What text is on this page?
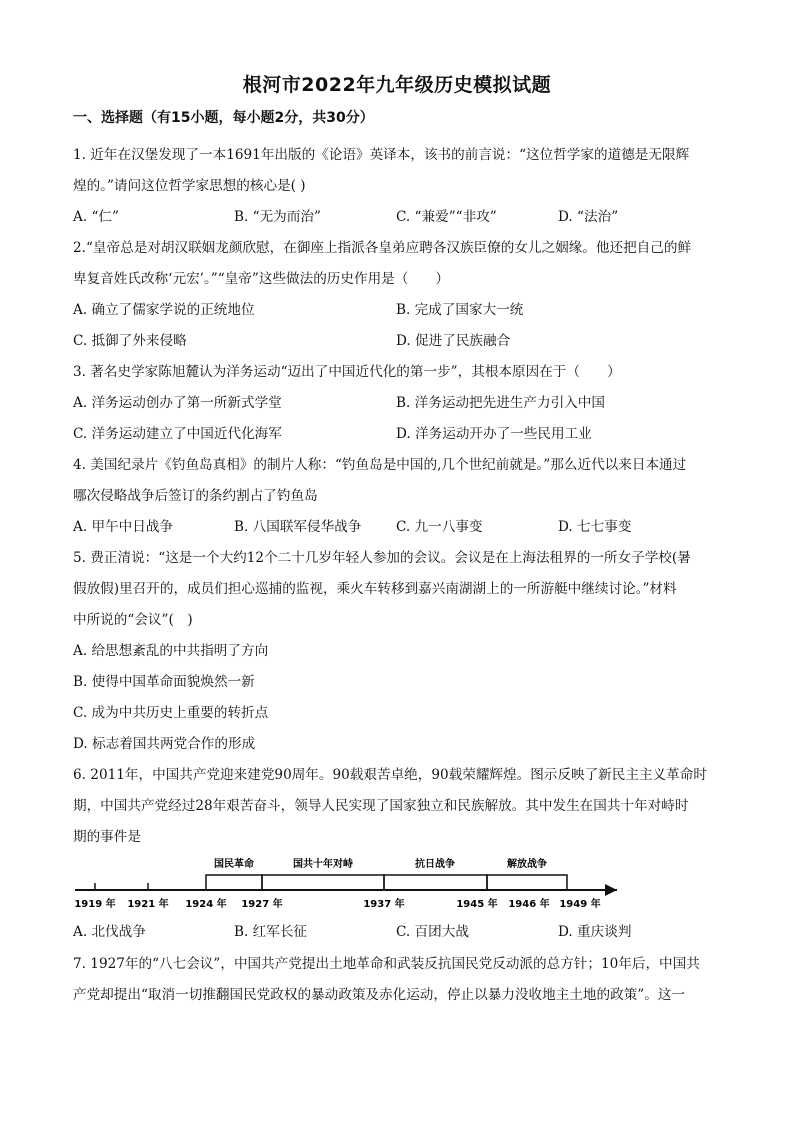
根河市2022年九年级历史模拟试题
一、选择题（有15小题，每小题2分，共30分）
1. 近年在汉堡发现了一本1691年出版的《论语》英译本，该书的前言说：“这位哲学家的道德是无限辉
煌的。”请问这位哲学家思想的核心是( )
A. “仁”	B. “无为而治”	C. “兼爱”“非攻”	D. “法治”
2.“皇帝总是对胡汉联姻龙颜欣慰，在御座上指派各皇弟应聘各汉族臣僚的女儿之姻缘。他还把自己的鲜
卑复音姓氏改称‘元宏’。”“皇帝”这些做法的历史作用是（　　）
A. 确立了儒家学说的正统地位	B. 完成了国家大一统
C. 抵御了外来侵略	D. 促进了民族融合
3. 著名史学家陈旭麓认为洋务运动“迈出了中国近代化的第一步”，其根本原因在于（　　）
A. 洋务运动创办了第一所新式学堂	B. 洋务运动把先进生产力引入中国
C. 洋务运动建立了中国近代化海军	D. 洋务运动开办了一些民用工业
4. 美国纪录片《钓鱼岛真相》的制片人称：“钓鱼岛是中国的,几个世纪前就是。”那么近代以来日本通过
哪次侵略战争后签订的条约割占了钓鱼岛
A. 甲午中日战争	B. 八国联军侵华战争	C. 九一八事变	D. 七七事变
5. 费正清说：“这是一个大约12个二十几岁年轻人参加的会议。会议是在上海法租界的一所女子学校(暑
假放假)里召开的，成员们担心巡捕的监视，乘火车转移到嘉兴南湖湖上的一所游艇中继续讨论。”材料
中所说的“会议”(　)
A. 给思想紊乱的中共指明了方向
B. 使得中国革命面貌焕然一新
C. 成为中共历史上重要的转折点
D. 标志着国共两党合作的形成
6. 2011年，中国共产党迎来建党90周年。90载艰苦卓绝，90载荣耀辉煌。图示反映了新民主主义革命时
期，中国共产党经过28年艰苦奋斗，领导人民实现了国家独立和民族解放。其中发生在国共十年对峙时
期的事件是
国民革命	国共十年对峙	抗日战争	解放战争
1919 年 1921 年 1924 年 1927 年	1937 年	1945 年 1946 年 1949 年
A. 北伐战争	B. 红军长征	C. 百团大战	D. 重庆谈判
7. 1927年的“八七会议”，中国共产党提出土地革命和武装反抗国民党反动派的总方针；10年后，中国共
产党却提出“取消一切推翻国民党政权的暴动政策及赤化运动，停止以暴力没收地主土地的政策”。这一
